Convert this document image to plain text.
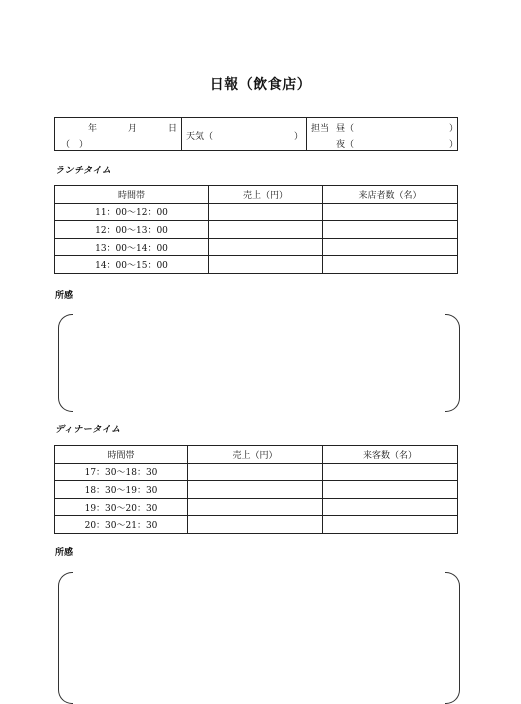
日報（飲食店）
年	月	日
（ ）

天気（	）

担当 昼（	）
夜（	）
ランチタイム
時間帯	売上（円）	来店者数（名）
11：00〜12：00		
12：00〜13：00		
13：00〜14：00		
14：00〜15：00		
所感
ディナータイム
時間帯	売上（円）	来客数（名）
17：30〜18：30		
18：30〜19：30		
19：30〜20：30		
20：30〜21：30		
所感
